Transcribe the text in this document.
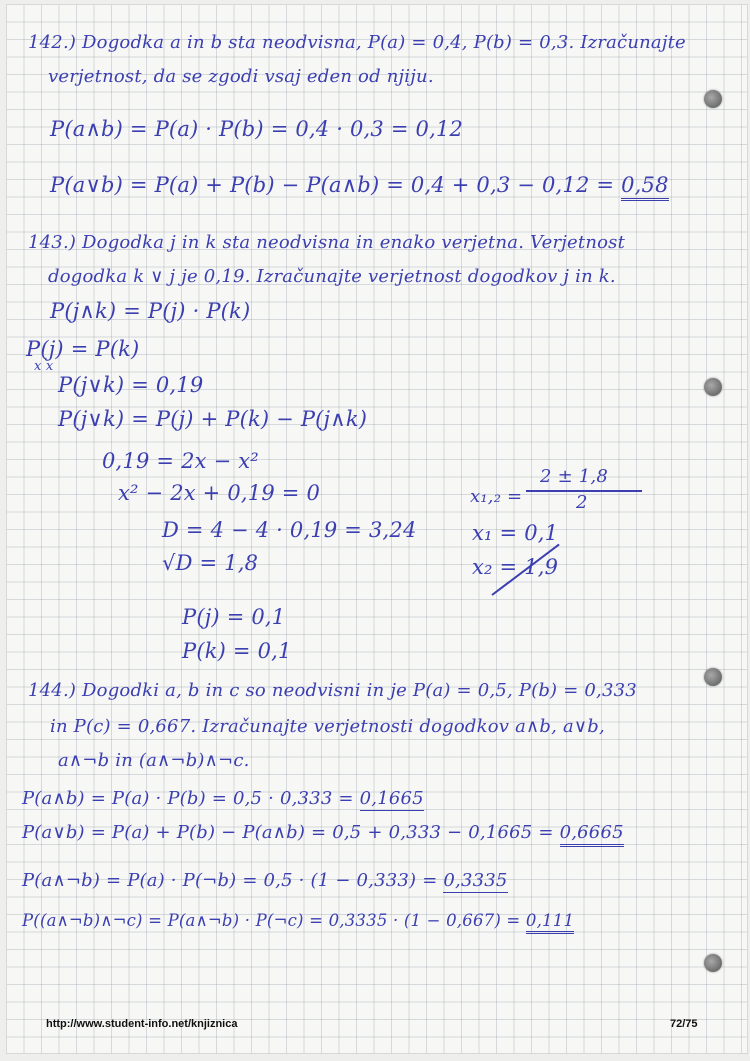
142.) Dogodka a in b sta neodvisna, P(a) = 0,4, P(b) = 0,3. Izračunajte

verjetnost, da se zgodi vsaj eden od njiju.

P(a∧b) = P(a) · P(b) = 0,4 · 0,3 = 0,12

P(a∨b) = P(a) + P(b) − P(a∧b) = 0,4 + 0,3 − 0,12 = 0,58

143.) Dogodka j in k sta neodvisna in enako verjetna. Verjetnost

dogodka k ∨ j je 0,19. Izračunajte verjetnost dogodkov j in k.

P(j∧k) = P(j) · P(k)

P(j) = P(k)

x x

P(j∨k) = 0,19

P(j∨k) = P(j) + P(k) − P(j∧k)

0,19 = 2x − x²

x² − 2x + 0,19 = 0

D = 4 − 4 · 0,19 = 3,24

√D = 1,8

x₁,₂ =

2 ± 1,8

2

x₁ = 0,1

x₂ = 1,9

P(j) = 0,1

P(k) = 0,1

144.) Dogodki a, b in c so neodvisni in je P(a) = 0,5, P(b) = 0,333

in P(c) = 0,667. Izračunajte verjetnosti dogodkov a∧b, a∨b,

a∧¬b in (a∧¬b)∧¬c.

P(a∧b) = P(a) · P(b) = 0,5 · 0,333 = 0,1665

P(a∨b) = P(a) + P(b) − P(a∧b) = 0,5 + 0,333 − 0,1665 = 0,6665

P(a∧¬b) = P(a) · P(¬b) = 0,5 · (1 − 0,333) = 0,3335

P((a∧¬b)∧¬c) = P(a∧¬b) · P(¬c) = 0,3335 · (1 − 0,667) = 0,111

http://www.student-info.net/knjiznica	72/75
